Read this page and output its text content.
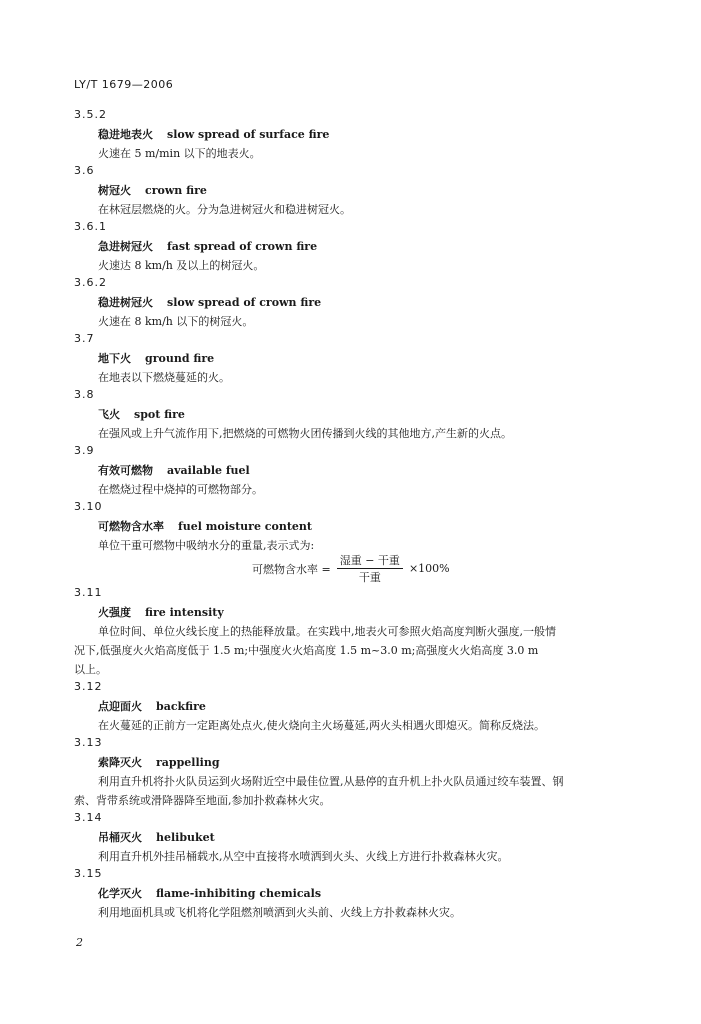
LY/T 1679—2006
3.5.2
稳进地表火 slow spread of surface fire
火速在 5 m/min 以下的地表火。
3.6
树冠火 crown fire
在林冠层燃烧的火。分为急进树冠火和稳进树冠火。
3.6.1
急进树冠火 fast spread of crown fire
火速达 8 km/h 及以上的树冠火。
3.6.2
稳进树冠火 slow spread of crown fire
火速在 8 km/h 以下的树冠火。
3.7
地下火 ground fire
在地表以下燃烧蔓延的火。
3.8
飞火 spot fire
在强风或上升气流作用下,把燃烧的可燃物火团传播到火线的其他地方,产生新的火点。
3.9
有效可燃物 available fuel
在燃烧过程中烧掉的可燃物部分。
3.10
可燃物含水率 fuel moisture content
单位干重可燃物中吸纳水分的重量,表示式为:
可燃物含水率 = $\frac{\text{湿重 − 干重}}{\text{干重}} \times 100\%$
3.11
火强度 fire intensity
单位时间、单位火线长度上的热能释放量。在实践中,地表火可参照火焰高度判断火强度,一般情
况下,低强度火火焰高度低于 1.5 m;中强度火火焰高度 1.5 m~3.0 m;高强度火火焰高度 3.0 m
以上。
3.12
点迎面火 backfire
在火蔓延的正前方一定距离处点火,使火烧向主火场蔓延,两火头相遇火即熄灭。简称反烧法。
3.13
索降灭火 rappelling
利用直升机将扑火队员运到火场附近空中最佳位置,从悬停的直升机上扑火队员通过绞车装置、钢
索、背带系统或滑降器降至地面,参加扑救森林火灾。
3.14
吊桶灭火 helibuket
利用直升机外挂吊桶载水,从空中直接将水喷洒到火头、火线上方进行扑救森林火灾。
3.15
化学灭火 flame-inhibiting chemicals
利用地面机具或飞机将化学阻燃剂喷洒到火头前、火线上方扑救森林火灾。
2
